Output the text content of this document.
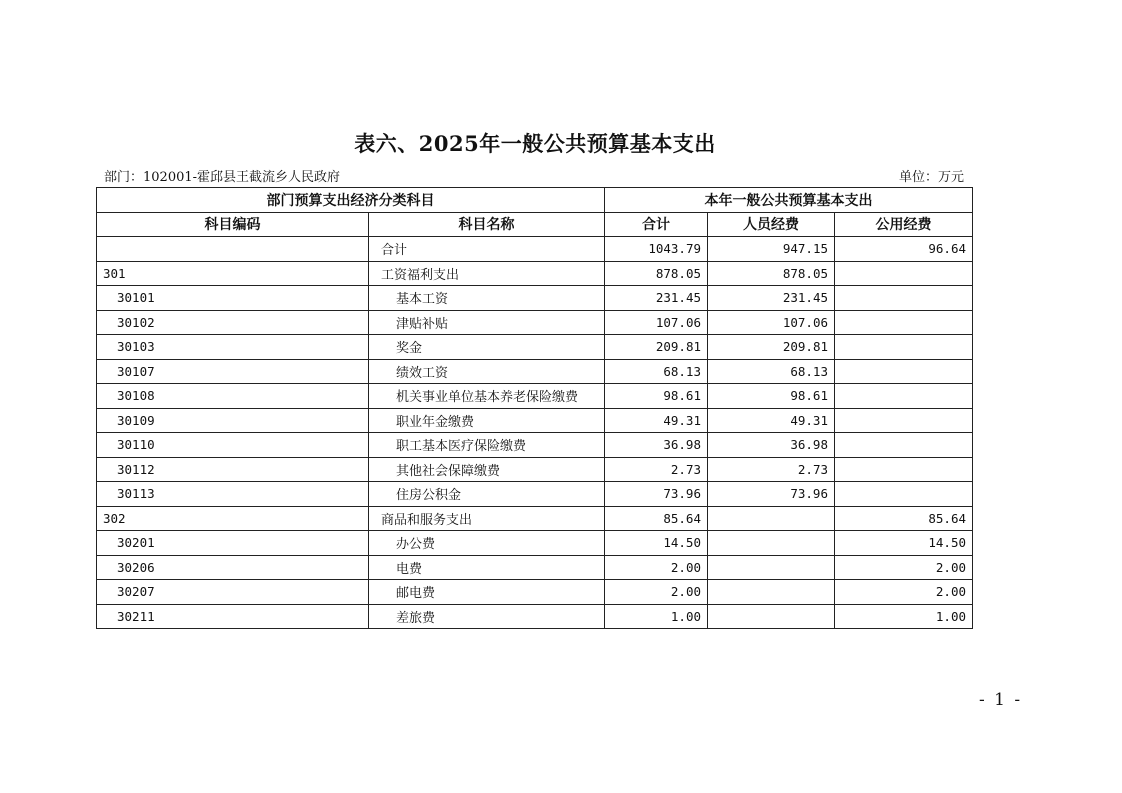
表六、2025年一般公共预算基本支出
部门：102001-霍邱县王截流乡人民政府	单位：万元
部门预算支出经济分类科目		本年一般公共预算基本支出		
科目编码	科目名称	合计	人员经费	公用经费
	合计	1043.79	947.15	96.64
301	工资福利支出	878.05	878.05	
30101	基本工资	231.45	231.45	
30102	津贴补贴	107.06	107.06	
30103	奖金	209.81	209.81	
30107	绩效工资	68.13	68.13	
30108	机关事业单位基本养老保险缴费	98.61	98.61	
30109	职业年金缴费	49.31	49.31	
30110	职工基本医疗保险缴费	36.98	36.98	
30112	其他社会保障缴费	2.73	2.73	
30113	住房公积金	73.96	73.96	
302	商品和服务支出	85.64		85.64
30201	办公费	14.50		14.50
30206	电费	2.00		2.00
30207	邮电费	2.00		2.00
30211	差旅费	1.00		1.00
- 1 -
